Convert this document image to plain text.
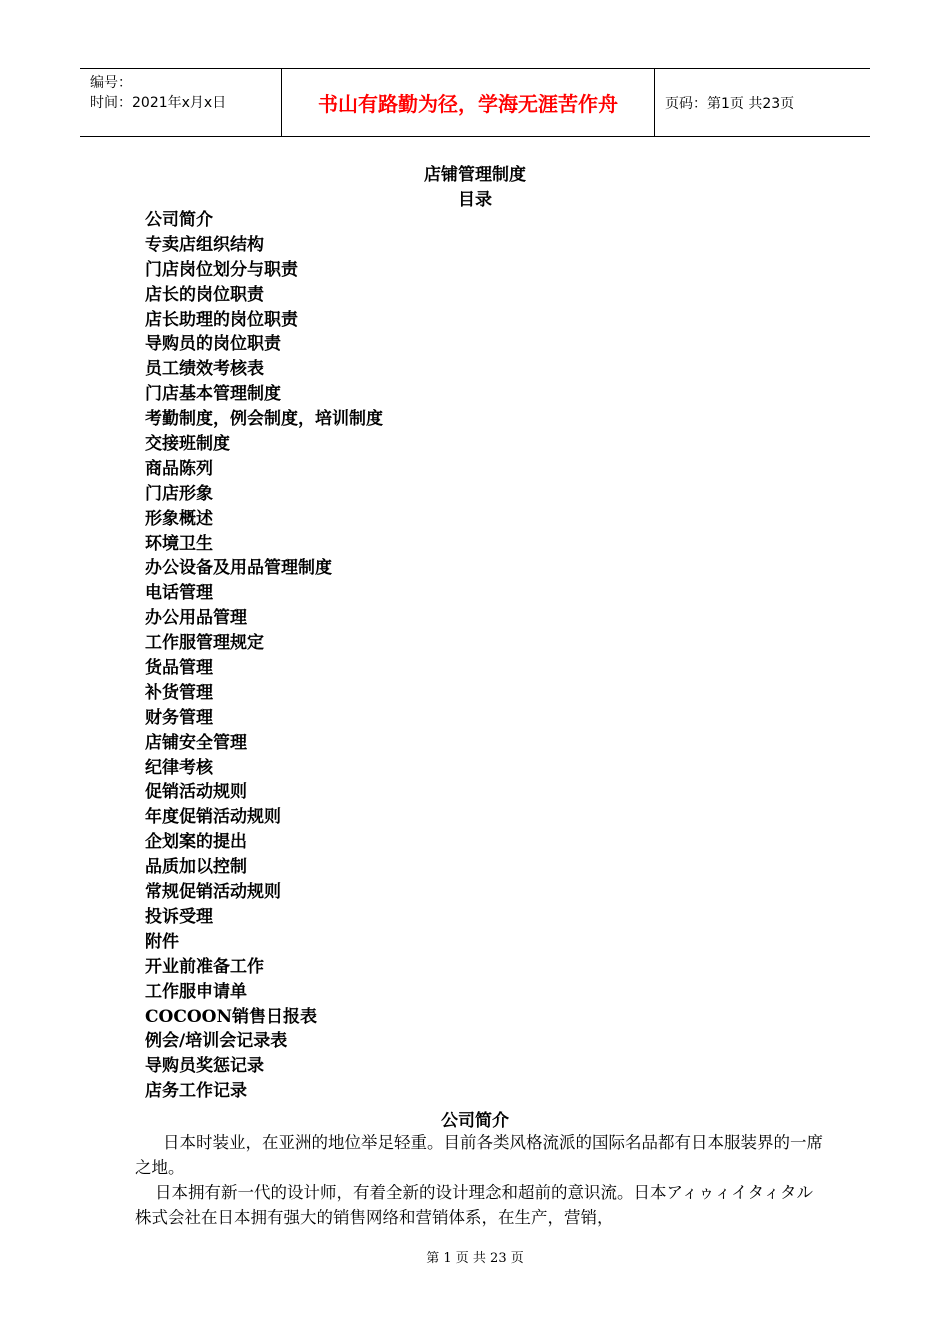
编号：
时间：2021年x月x日	书山有路勤为径，学海无涯苦作舟	页码：第1页 共23页
店铺管理制度
目录
公司简介
专卖店组织结构
门店岗位划分与职责
店长的岗位职责
店长助理的岗位职责
导购员的岗位职责
员工绩效考核表
门店基本管理制度
考勤制度，例会制度，培训制度
交接班制度
商品陈列
门店形象
形象概述
环境卫生
办公设备及用品管理制度
电话管理
办公用品管理
工作服管理规定
货品管理
补货管理
财务管理
店铺安全管理
纪律考核
促销活动规则
年度促销活动规则
企划案的提出
品质加以控制
常规促销活动规则
投诉受理
附件
开业前准备工作
工作服申请单
COCOON销售日报表
例会/培训会记录表
导购员奖惩记录
店务工作记录
公司简介

日本时装业，在亚洲的地位举足轻重。目前各类风格流派的国际名品都有日本服装界的一席之地。

日本拥有新一代的设计师，有着全新的设计理念和超前的意识流。日本アィゥィイタィタル株式会社在日本拥有强大的销售网络和营销体系，在生产，营销，

第 1 页 共 23 页
